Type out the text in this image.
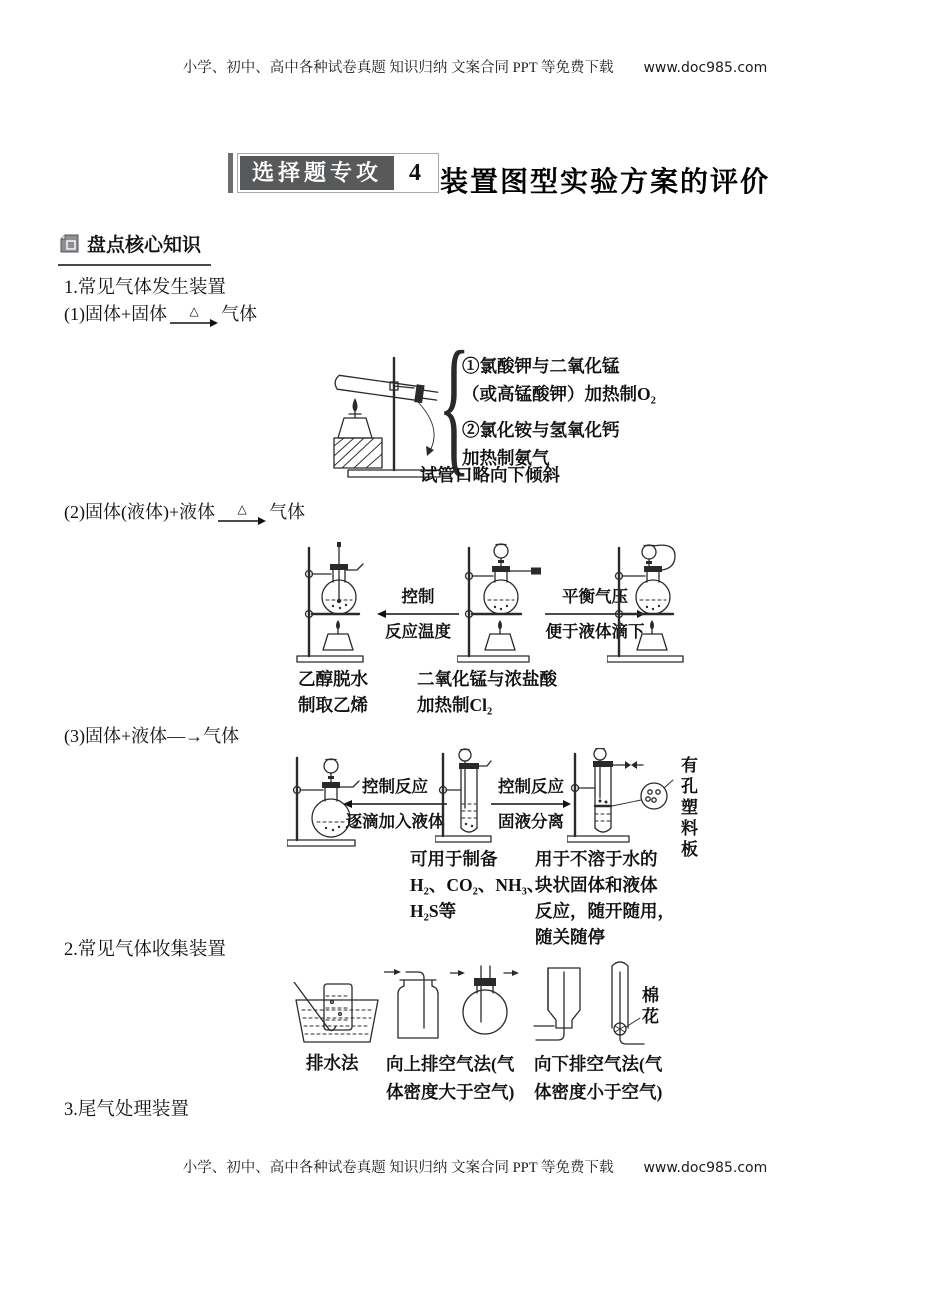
小学、初中、高中各种试卷真题 知识归纳 文案合同 PPT 等免费下载 www.doc985.com
选择题专攻	4 装置图型实验方案的评价
盘点核心知识
1.常见气体发生装置
(1)固体+固体 △ 气体
{
①氯酸钾与二氧化锰
（或高锰酸钾）加热制O₂
②氯化铵与氢氧化钙
加热制氨气
试管口略向下倾斜
(2)固体(液体)+液体 △ 气体
控制
反应温度
平衡气压
便于液体滴下
乙醇脱水
制取乙烯
二氧化锰与浓盐酸
加热制Cl₂
(3)固体+液体—→气体
控制反应
逐滴加入液体
控制反应
固液分离	有孔塑料板
可用于制备
H₂、CO₂、NH₃、
H₂S等
用于不溶于水的
块状固体和液体
反应，随开随用，
随关随停
2.常见气体收集装置
棉花
排水法 向上排空气法(气
体密度大于空气)
向下排空气法(气
体密度小于空气)
3.尾气处理装置
小学、初中、高中各种试卷真题 知识归纳 文案合同 PPT 等免费下载 www.doc985.com
